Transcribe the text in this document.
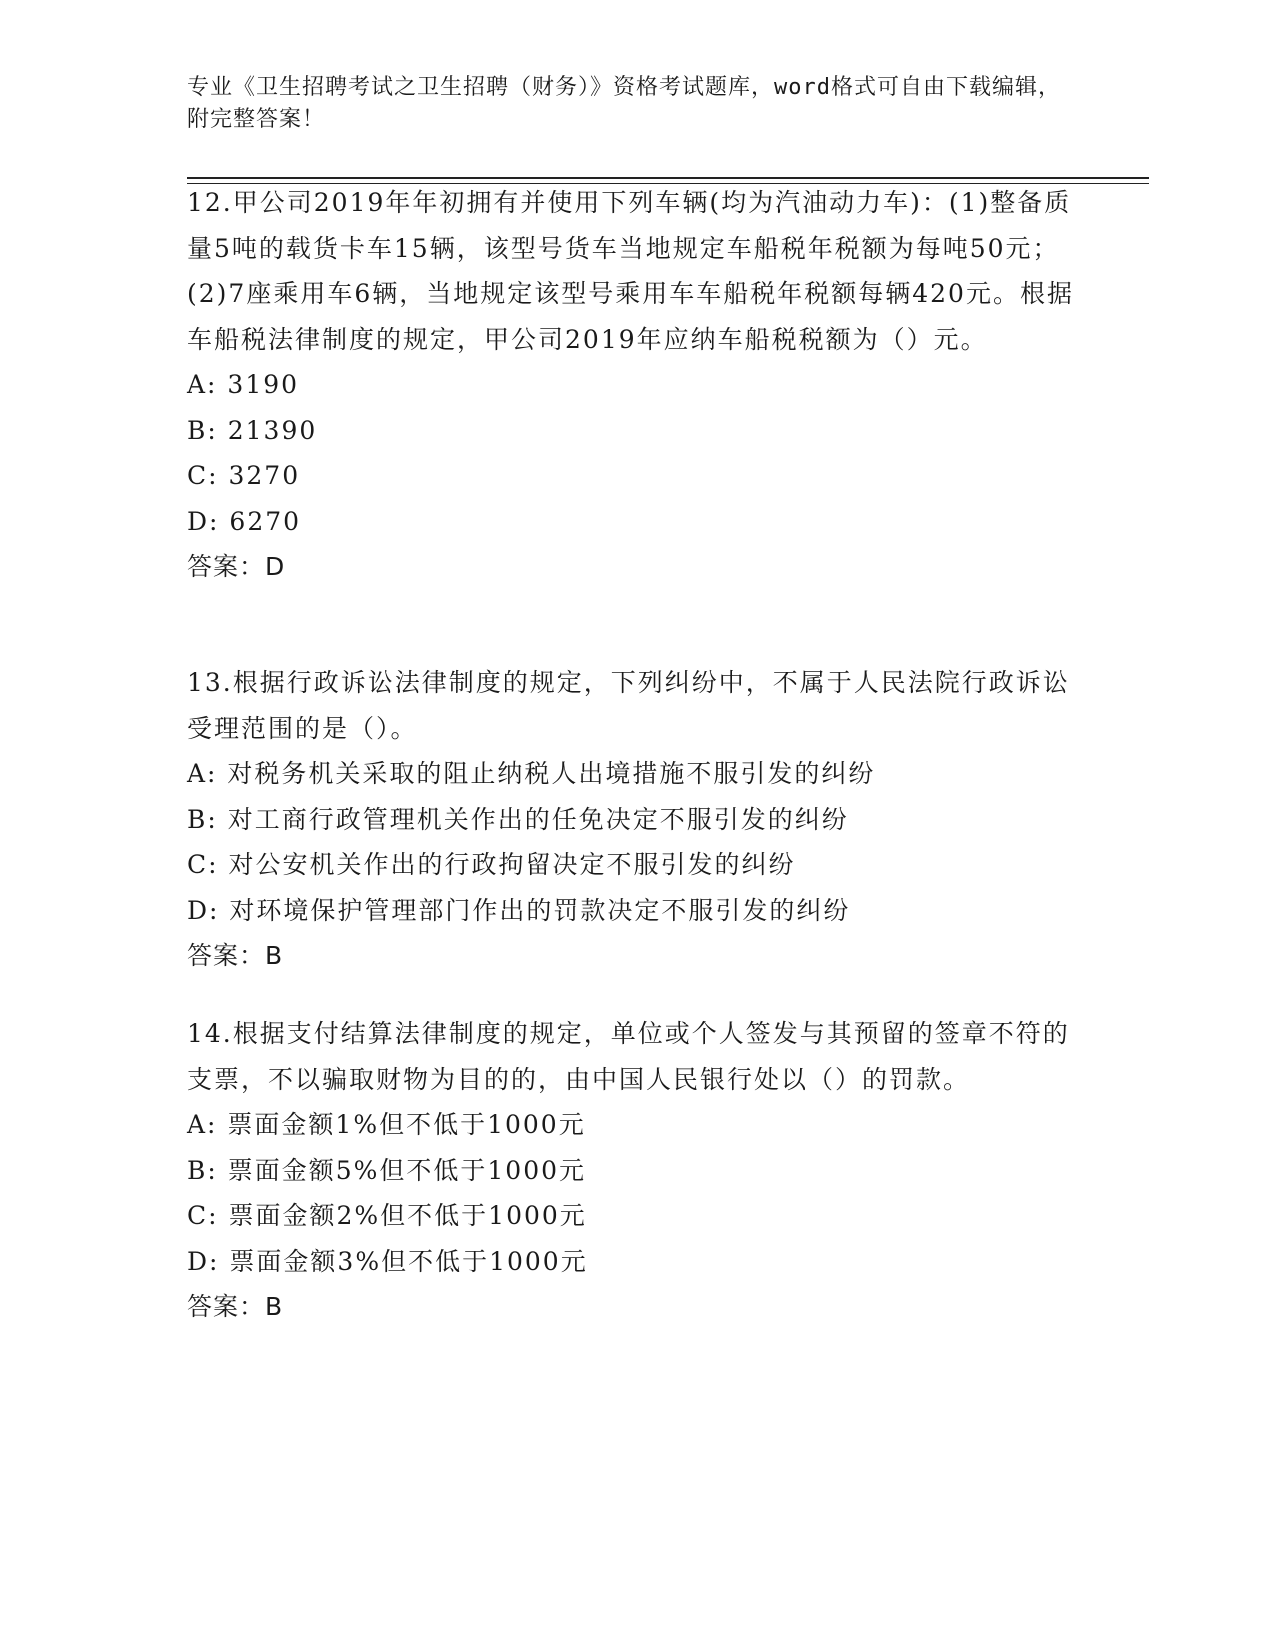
专业《卫生招聘考试之卫生招聘（财务）》资格考试题库，word格式可自由下载编辑，附完整答案！

12.甲公司2019年年初拥有并使用下列车辆(均为汽油动力车)：(1)整备质量5吨的载货卡车15辆，该型号货车当地规定车船税年税额为每吨50元；(2)7座乘用车6辆，当地规定该型号乘用车车船税年税额每辆420元。根据车船税法律制度的规定，甲公司2019年应纳车船税税额为（）元。

A: 3190

B: 21390

C: 3270

D: 6270

答案：D

13.根据行政诉讼法律制度的规定，下列纠纷中，不属于人民法院行政诉讼受理范围的是（）。

A: 对税务机关采取的阻止纳税人出境措施不服引发的纠纷

B: 对工商行政管理机关作出的任免决定不服引发的纠纷

C: 对公安机关作出的行政拘留决定不服引发的纠纷

D: 对环境保护管理部门作出的罚款决定不服引发的纠纷

答案：B

14.根据支付结算法律制度的规定，单位或个人签发与其预留的签章不符的支票，不以骗取财物为目的的，由中国人民银行处以（）的罚款。

A: 票面金额1%但不低于1000元

B: 票面金额5%但不低于1000元

C: 票面金额2%但不低于1000元

D: 票面金额3%但不低于1000元

答案：B
